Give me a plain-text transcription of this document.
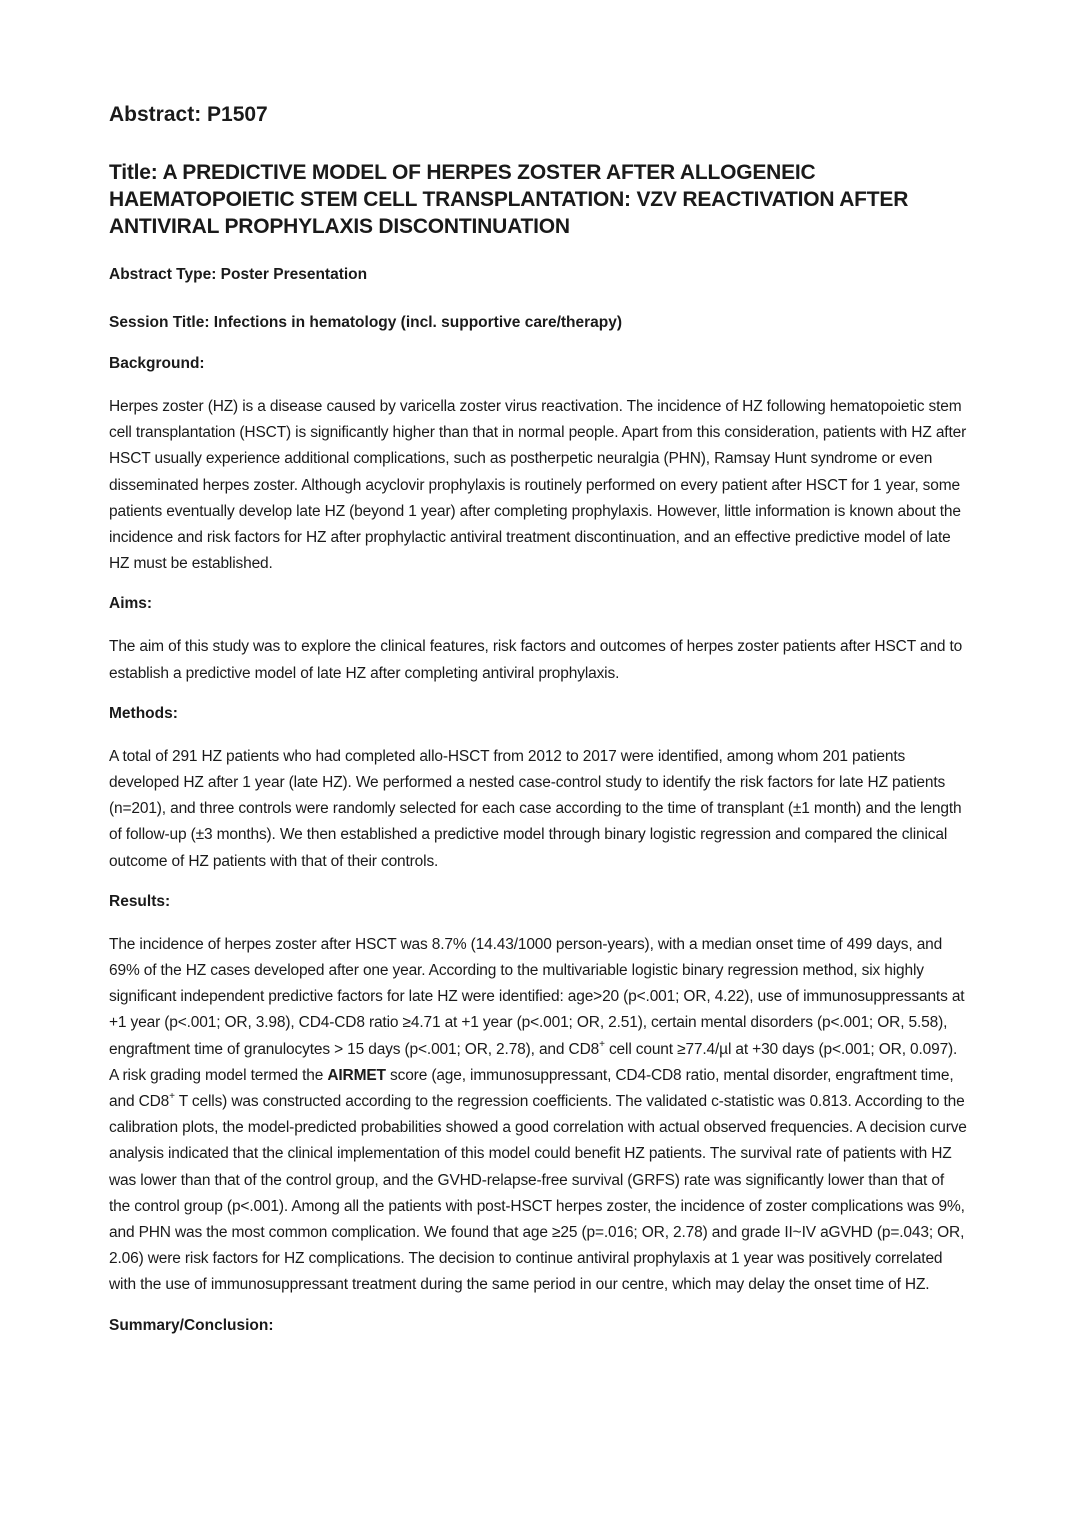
Abstract: P1507
Title: A PREDICTIVE MODEL OF HERPES ZOSTER AFTER ALLOGENEIC HAEMATOPOIETIC STEM CELL TRANSPLANTATION: VZV REACTIVATION AFTER ANTIVIRAL PROPHYLAXIS DISCONTINUATION

Abstract Type: Poster Presentation

Session Title: Infections in hematology (incl. supportive care/therapy)

Background:

Herpes zoster (HZ) is a disease caused by varicella zoster virus reactivation. The incidence of HZ following hematopoietic stem cell transplantation (HSCT) is significantly higher than that in normal people. Apart from this consideration, patients with HZ after HSCT usually experience additional complications, such as postherpetic neuralgia (PHN), Ramsay Hunt syndrome or even disseminated herpes zoster. Although acyclovir prophylaxis is routinely performed on every patient after HSCT for 1 year, some patients eventually develop late HZ (beyond 1 year) after completing prophylaxis. However, little information is known about the incidence and risk factors for HZ after prophylactic antiviral treatment discontinuation, and an effective predictive model of late HZ must be established.

Aims:

The aim of this study was to explore the clinical features, risk factors and outcomes of herpes zoster patients after HSCT and to establish a predictive model of late HZ after completing antiviral prophylaxis.

Methods:

A total of 291 HZ patients who had completed allo-HSCT from 2012 to 2017 were identified, among whom 201 patients developed HZ after 1 year (late HZ). We performed a nested case-control study to identify the risk factors for late HZ patients (n=201), and three controls were randomly selected for each case according to the time of transplant (±1 month) and the length of follow-up (±3 months). We then established a predictive model through binary logistic regression and compared the clinical outcome of HZ patients with that of their controls.

Results:

The incidence of herpes zoster after HSCT was 8.7% (14.43/1000 person-years), with a median onset time of 499 days, and 69% of the HZ cases developed after one year. According to the multivariable logistic binary regression method, six highly significant independent predictive factors for late HZ were identified: age>20 (p<.001; OR, 4.22), use of immunosuppressants at +1 year (p<.001; OR, 3.98), CD4-CD8 ratio ≥4.71 at +1 year (p<.001; OR, 2.51), certain mental disorders (p<.001; OR, 5.58), engraftment time of granulocytes > 15 days (p<.001; OR, 2.78), and CD8+ cell count ≥77.4/µl at +30 days (p<.001; OR, 0.097). A risk grading model termed the AIRMET score (age, immunosuppressant, CD4-CD8 ratio, mental disorder, engraftment time, and CD8+ T cells) was constructed according to the regression coefficients. The validated c-statistic was 0.813. According to the calibration plots, the model-predicted probabilities showed a good correlation with actual observed frequencies. A decision curve analysis indicated that the clinical implementation of this model could benefit HZ patients. The survival rate of patients with HZ was lower than that of the control group, and the GVHD-relapse-free survival (GRFS) rate was significantly lower than that of the control group (p<.001). Among all the patients with post-HSCT herpes zoster, the incidence of zoster complications was 9%, and PHN was the most common complication. We found that age ≥25 (p=.016; OR, 2.78) and grade II~IV aGVHD (p=.043; OR, 2.06) were risk factors for HZ complications. The decision to continue antiviral prophylaxis at 1 year was positively correlated with the use of immunosuppressant treatment during the same period in our centre, which may delay the onset time of HZ.

Summary/Conclusion:
